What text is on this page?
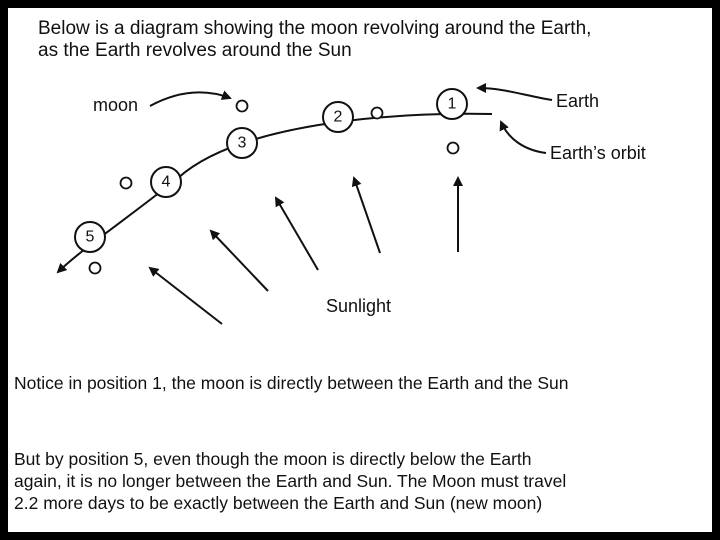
Below is a diagram showing the moon revolving around the Earth,
as the Earth revolves around the Sun
1
2
3
4
5
moon	Earth
Earth’s orbit
Sunlight
Notice in position 1, the moon is directly between the Earth and the Sun
But by position 5, even though the moon is directly below the Earth
again, it is no longer between the Earth and Sun. The Moon must travel
2.2 more days to be exactly between the Earth and Sun (new moon)
